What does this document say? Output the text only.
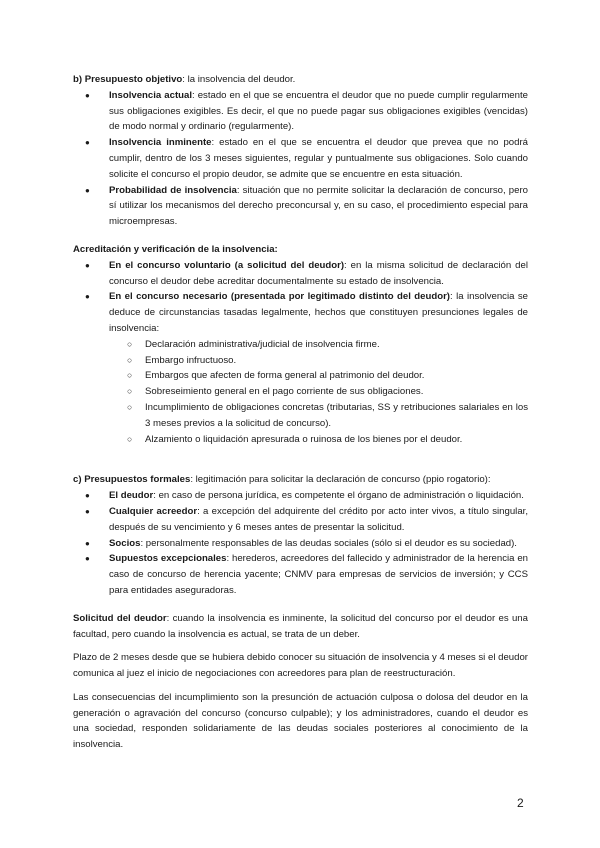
b) Presupuesto objetivo: la insolvencia del deudor.

● Insolvencia actual: estado en el que se encuentra el deudor que no puede cumplir regularmente sus obligaciones exigibles. Es decir, el que no puede pagar sus obligaciones exigibles (vencidas) de modo normal y ordinario (regularmente).
● Insolvencia inminente: estado en el que se encuentra el deudor que prevea que no podrá cumplir, dentro de los 3 meses siguientes, regular y puntualmente sus obligaciones. Solo cuando solicite el concurso el propio deudor, se admite que se encuentre en esta situación.
● Probabilidad de insolvencia: situación que no permite solicitar la declaración de concurso, pero sí utilizar los mecanismos del derecho preconcursal y, en su caso, el procedimiento especial para microempresas.

Acreditación y verificación de la insolvencia:

● En el concurso voluntario (a solicitud del deudor): en la misma solicitud de declaración del concurso el deudor debe acreditar documentalmente su estado de insolvencia.
● En el concurso necesario (presentada por legitimado distinto del deudor): la insolvencia se deduce de circunstancias tasadas legalmente, hechos que constituyen presunciones legales de insolvencia:
○ Declaración administrativa/judicial de insolvencia firme.
○ Embargo infructuoso.
○ Embargos que afecten de forma general al patrimonio del deudor.
○ Sobreseimiento general en el pago corriente de sus obligaciones.
○ Incumplimiento de obligaciones concretas (tributarias, SS y retribuciones salariales en los 3 meses previos a la solicitud de concurso).
○ Alzamiento o liquidación apresurada o ruinosa de los bienes por el deudor.

c) Presupuestos formales: legitimación para solicitar la declaración de concurso (ppio rogatorio):

● El deudor: en caso de persona jurídica, es competente el órgano de administración o liquidación.
● Cualquier acreedor: a excepción del adquirente del crédito por acto inter vivos, a título singular, después de su vencimiento y 6 meses antes de presentar la solicitud.
● Socios: personalmente responsables de las deudas sociales (sólo si el deudor es su sociedad).
● Supuestos excepcionales: herederos, acreedores del fallecido y administrador de la herencia en caso de concurso de herencia yacente; CNMV para empresas de servicios de inversión; y CCS para entidades aseguradoras.

Solicitud del deudor: cuando la insolvencia es inminente, la solicitud del concurso por el deudor es una facultad, pero cuando la insolvencia es actual, se trata de un deber.

Plazo de 2 meses desde que se hubiera debido conocer su situación de insolvencia y 4 meses si el deudor comunica al juez el inicio de negociaciones con acreedores para plan de reestructuración.

Las consecuencias del incumplimiento son la presunción de actuación culposa o dolosa del deudor en la generación o agravación del concurso (concurso culpable); y los administradores, cuando el deudor es una sociedad, responden solidariamente de las deudas sociales posteriores al conocimiento de la insolvencia.

2
